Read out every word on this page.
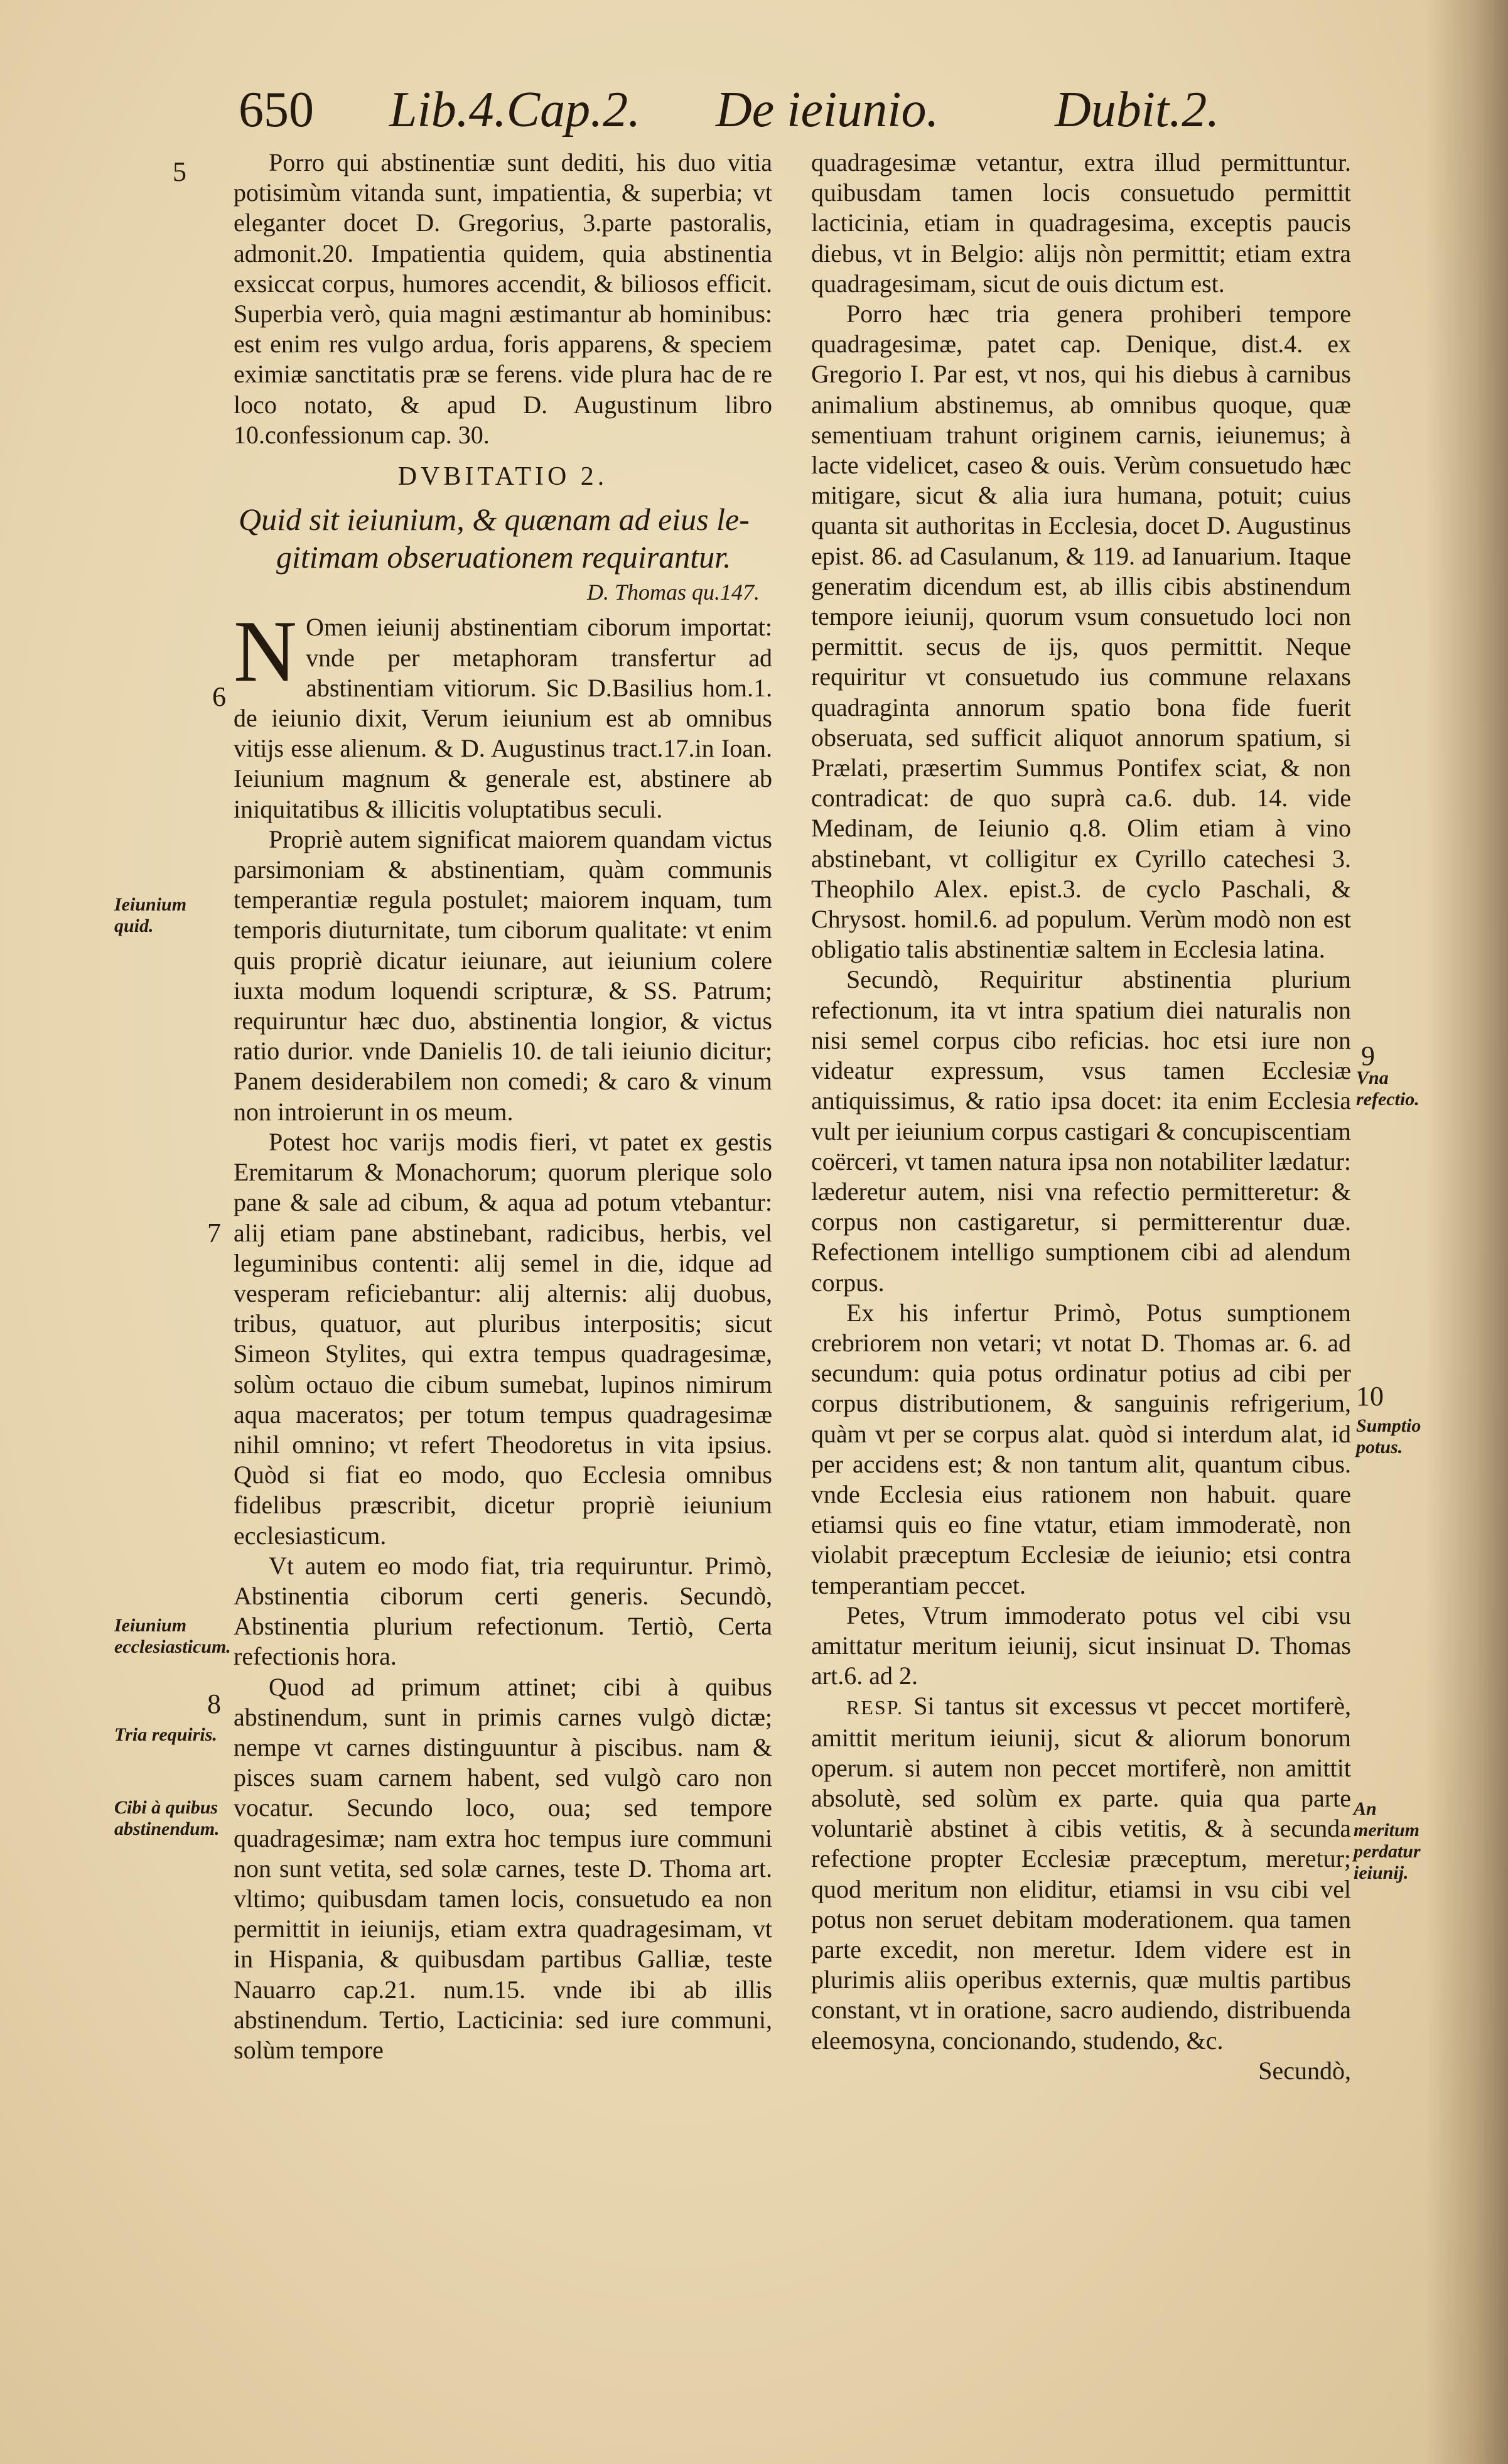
650 Lib.4.Cap.2. De ieiunio. Dubit.2.
5
6
7
8
Ieiunium quid.
Ieiunium ecclesiasticum.
Tria requiris.
Cibi à quibus abstinendum.
9
10
Vna refectio.
Sumptio potus.
An meritum perdatur ieiunij.

Porro qui abstinentiæ sunt dediti, his duo vitia potisimùm vitanda sunt, impatientia, & superbia; vt eleganter docet D. Gregorius, 3.parte pastoralis, admonit.20. Impatientia quidem, quia abstinentia exsiccat corpus, humores accendit, & biliosos efficit. Superbia verò, quia magni æstimantur ab hominibus: est enim res vulgo ardua, foris apparens, & speciem eximiæ sanctitatis præ se ferens. vide plura hac de re loco notato, & apud D. Augustinum libro 10.confessionum cap. 30.

DVBITATIO 2.

Quid sit ieiunium, & quænam ad eius le-
gitimam obseruationem requirantur.

D. Thomas qu.147.

N Omen ieiunij abstinentiam ciborum importat: vnde per metaphoram transfertur ad abstinentiam vitiorum. Sic D.Basilius hom.1. de ieiunio dixit, Verum ieiunium est ab omnibus vitijs esse alienum. & D. Augustinus tract.17.in Ioan. Ieiunium magnum & generale est, abstinere ab iniquitatibus & illicitis voluptatibus seculi.

Propriè autem significat maiorem quandam victus parsimoniam & abstinentiam, quàm communis temperantiæ regula postulet; maiorem inquam, tum temporis diuturnitate, tum ciborum qualitate: vt enim quis propriè dicatur ieiunare, aut ieiunium colere iuxta modum loquendi scripturæ, & SS. Patrum; requiruntur hæc duo, abstinentia longior, & victus ratio durior. vnde Danielis 10. de tali ieiunio dicitur; Panem desiderabilem non comedi; & caro & vinum non introierunt in os meum.

Potest hoc varijs modis fieri, vt patet ex gestis Eremitarum & Monachorum; quorum plerique solo pane & sale ad cibum, & aqua ad potum vtebantur: alij etiam pane abstinebant, radicibus, herbis, vel leguminibus contenti: alij semel in die, idque ad vesperam reficiebantur: alij alternis: alij duobus, tribus, quatuor, aut pluribus interpositis; sicut Simeon Stylites, qui extra tempus quadragesimæ, solùm octauo die cibum sumebat, lupinos nimirum aqua maceratos; per totum tempus quadragesimæ nihil omnino; vt refert Theodoretus in vita ipsius. Quòd si fiat eo modo, quo Ecclesia omnibus fidelibus præscribit, dicetur propriè ieiunium ecclesiasticum.

Vt autem eo modo fiat, tria requiruntur. Primò, Abstinentia ciborum certi generis. Secundò, Abstinentia plurium refectionum. Tertiò, Certa refectionis hora.

Quod ad primum attinet; cibi à quibus abstinendum, sunt in primis carnes vulgò dictæ; nempe vt carnes distinguuntur à piscibus. nam & pisces suam carnem habent, sed vulgò caro non vocatur. Secundo loco, oua; sed tempore quadragesimæ; nam extra hoc tempus iure communi non sunt vetita, sed solæ carnes, teste D. Thoma art. vltimo; quibusdam tamen locis, consuetudo ea non permittit in ieiunijs, etiam extra quadragesimam, vt in Hispania, & quibusdam partibus Galliæ, teste Nauarro cap.21. num.15. vnde ibi ab illis abstinendum. Tertio, Lacticinia: sed iure communi, solùm tempore

quadragesimæ vetantur, extra illud permittuntur. quibusdam tamen locis consuetudo permittit lacticinia, etiam in quadragesima, exceptis paucis diebus, vt in Belgio: alijs nòn permittit; etiam extra quadragesimam, sicut de ouis dictum est.

Porro hæc tria genera prohiberi tempore quadragesimæ, patet cap. Denique, dist.4. ex Gregorio I. Par est, vt nos, qui his diebus à carnibus animalium abstinemus, ab omnibus quoque, quæ sementiuam trahunt originem carnis, ieiunemus; à lacte videlicet, caseo & ouis. Verùm consuetudo hæc mitigare, sicut & alia iura humana, potuit; cuius quanta sit authoritas in Ecclesia, docet D. Augustinus epist. 86. ad Casulanum, & 119. ad Ianuarium. Itaque generatim dicendum est, ab illis cibis abstinendum tempore ieiunij, quorum vsum consuetudo loci non permittit. secus de ijs, quos permittit. Neque requiritur vt consuetudo ius commune relaxans quadraginta annorum spatio bona fide fuerit obseruata, sed sufficit aliquot annorum spatium, si Prælati, præsertim Summus Pontifex sciat, & non contradicat: de quo suprà ca.6. dub. 14. vide Medinam, de Ieiunio q.8. Olim etiam à vino abstinebant, vt colligitur ex Cyrillo catechesi 3. Theophilo Alex. epist.3. de cyclo Paschali, & Chrysost. homil.6. ad populum. Verùm modò non est obligatio talis abstinentiæ saltem in Ecclesia latina.

Secundò, Requiritur abstinentia plurium refectionum, ita vt intra spatium diei naturalis non nisi semel corpus cibo reficias. hoc etsi iure non videatur expressum, vsus tamen Ecclesiæ antiquissimus, & ratio ipsa docet: ita enim Ecclesia vult per ieiunium corpus castigari & concupiscentiam coërceri, vt tamen natura ipsa non notabiliter lædatur: læderetur autem, nisi vna refectio permitteretur: & corpus non castigaretur, si permitterentur duæ. Refectionem intelligo sumptionem cibi ad alendum corpus.

Ex his infertur Primò, Potus sumptionem crebriorem non vetari; vt notat D. Thomas ar. 6. ad secundum: quia potus ordinatur potius ad cibi per corpus distributionem, & sanguinis refrigerium, quàm vt per se corpus alat. quòd si interdum alat, id per accidens est; & non tantum alit, quantum cibus. vnde Ecclesia eius rationem non habuit. quare etiamsi quis eo fine vtatur, etiam immoderatè, non violabit præceptum Ecclesiæ de ieiunio; etsi contra temperantiam peccet.

Petes, Vtrum immoderato potus vel cibi vsu amittatur meritum ieiunij, sicut insinuat D. Thomas art.6. ad 2.

RESP. Si tantus sit excessus vt peccet mortiferè, amittit meritum ieiunij, sicut & aliorum bonorum operum. si autem non peccet mortiferè, non amittit absolutè, sed solùm ex parte. quia qua parte voluntariè abstinet à cibis vetitis, & à secunda refectione propter Ecclesiæ præceptum, meretur; quod meritum non eliditur, etiamsi in vsu cibi vel potus non seruet debitam moderationem. qua tamen parte excedit, non meretur. Idem videre est in plurimis aliis operibus externis, quæ multis partibus constant, vt in oratione, sacro audiendo, distribuenda eleemosyna, concionando, studendo, &c.

Secundò,
